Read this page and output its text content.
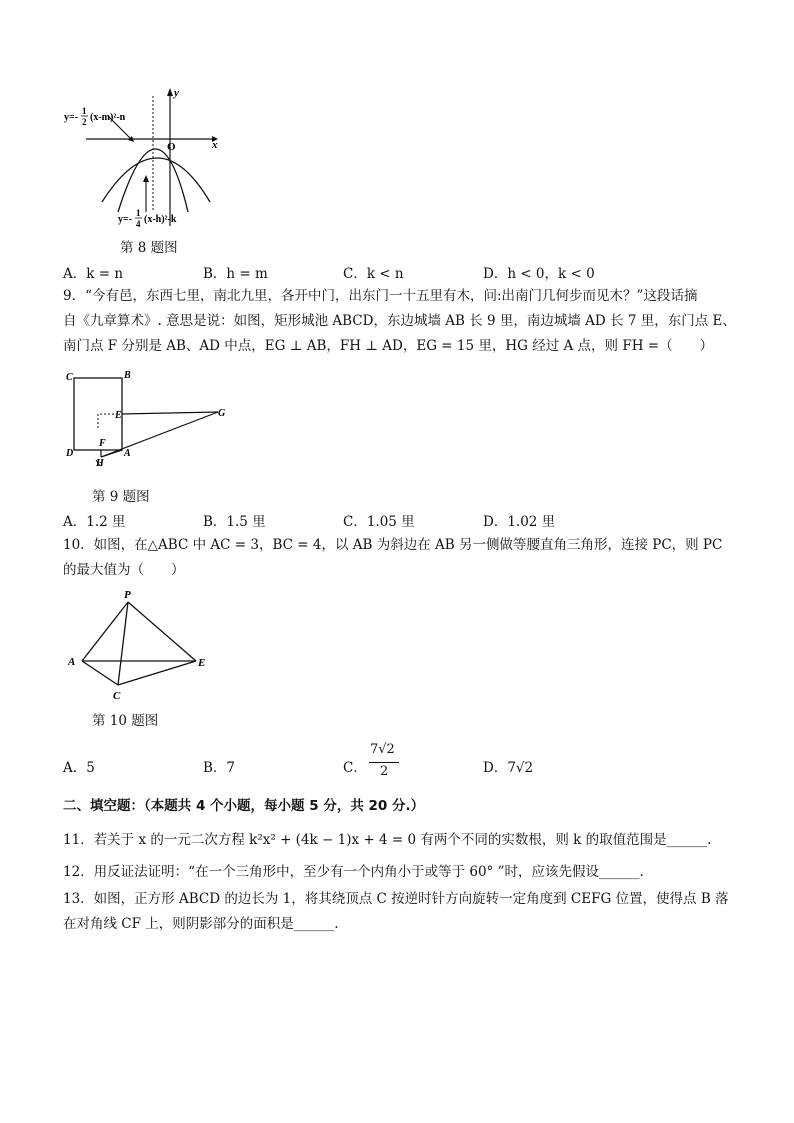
x
y
O
y=-
1
2 (x-m)²-n
y=-
1
4 (x-h)²-k
第 8 题图
A．k = n	B．h = m	C．k < n	D．h < 0，k < 0
9．“今有邑，东西七里，南北九里，各开中门，出东门一十五里有木，问:出南门几何步而见木？”这段话摘
自《九章算术》. 意思是说：如图，矩形城池 ABCD，东边城墙 AB 长 9 里，南边城墙 AD 长 7 里，东门点 E、
南门点 F 分别是 AB、AD 中点，EG ⊥ AB，FH ⊥ AD，EG = 15 里，HG 经过 A 点，则 FH =（　　）
C	B
E	G
D
F
A
H
第 9 题图
A．1.2 里	B．1.5 里	C．1.05 里	D．1.02 里
10．如图，在△ABC 中 AC = 3，BC = 4，以 AB 为斜边在 AB 另一侧做等腰直角三角形，连接 PC，则 PC
的最大值为（　　）
P
A	E
C
第 10 题图
A．5	B．7	C．
7√2
2	D．7√2
二、填空题：（本题共 4 个小题，每小题 5 分，共 20 分.）
11．若关于 x 的一元二次方程 k²x² + (4k − 1)x + 4 = 0 有两个不同的实数根，则 k 的取值范围是______.
12．用反证法证明：“在一个三角形中，至少有一个内角小于或等于 60° ”时，应该先假设______.
13．如图，正方形 ABCD 的边长为 1，将其绕顶点 C 按逆时针方向旋转一定角度到 CEFG 位置，使得点 B 落
在对角线 CF 上，则阴影部分的面积是______.
